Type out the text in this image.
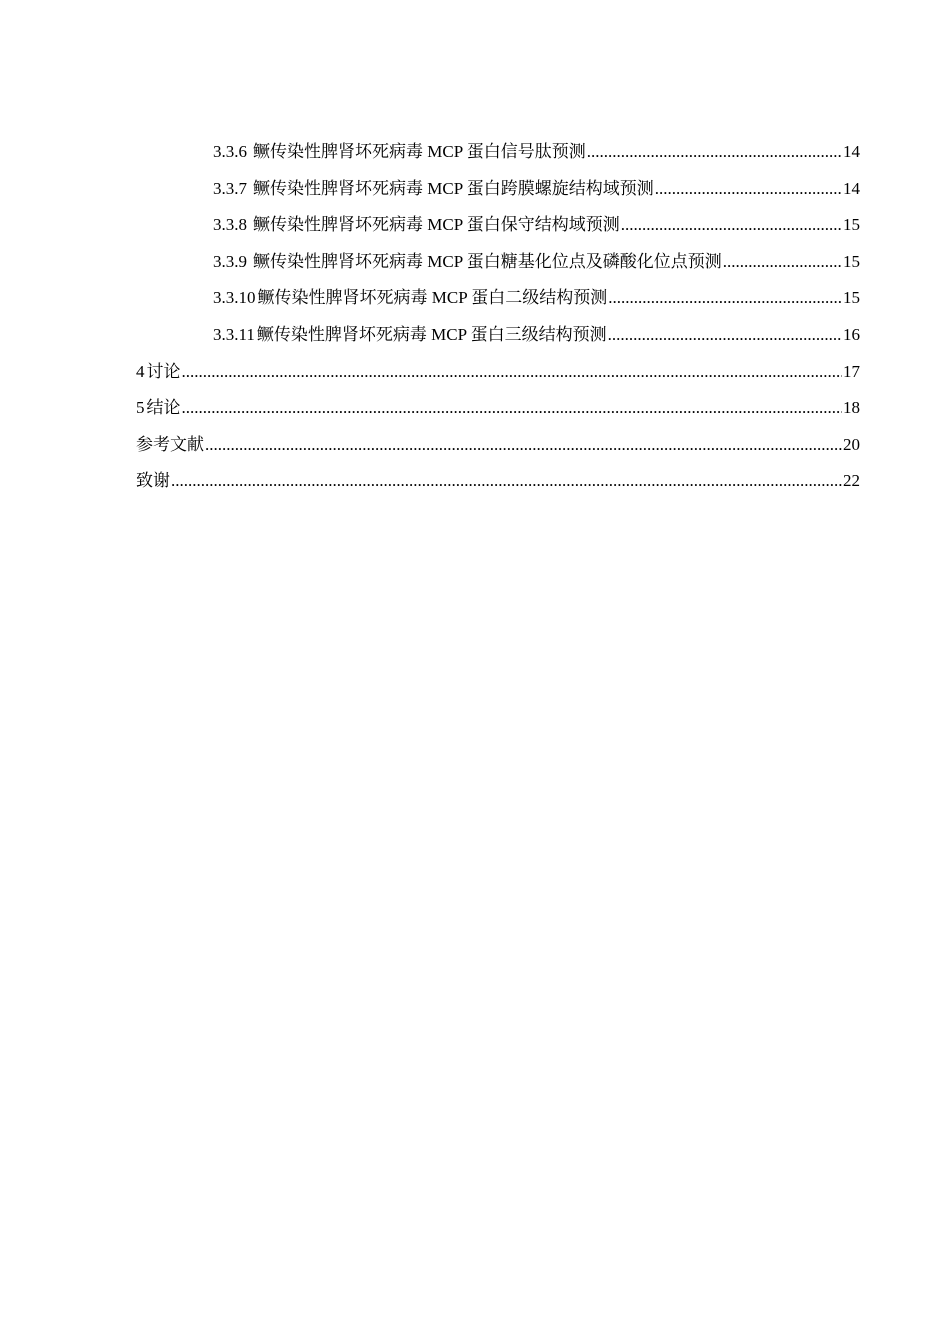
3.3.6 鳜传染性脾肾坏死病毒 MCP 蛋白信号肽预测 .....	14
3.3.7 鳜传染性脾肾坏死病毒 MCP 蛋白跨膜螺旋结构域预测 .....	14
3.3.8 鳜传染性脾肾坏死病毒 MCP 蛋白保守结构域预测 .....	15
3.3.9 鳜传染性脾肾坏死病毒 MCP 蛋白糖基化位点及磷酸化位点预测 .....	15
3.3.10 鳜传染性脾肾坏死病毒 MCP 蛋白二级结构预测 .....	15
3.3.11 鳜传染性脾肾坏死病毒 MCP 蛋白三级结构预测 .....	16
4 讨论 .....	17
5 结论 .....	18
参考文献 .....	20
致谢 .....	22
